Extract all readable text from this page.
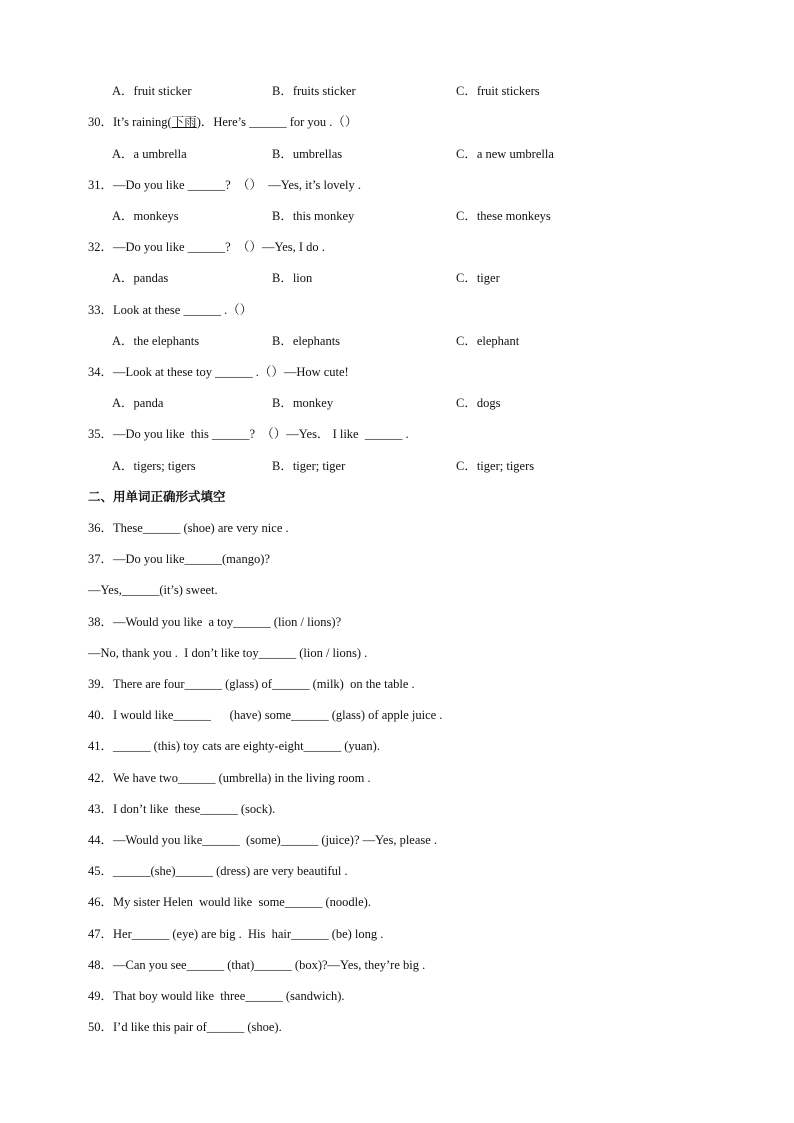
A．fruit sticker	B．fruits sticker	C．fruit stickers
30．It’s raining(下雨)．Here’s ______ for you .（）
A．a umbrella	B．umbrellas	C．a new umbrella
31．—Do you like ______?  （）  —Yes, it’s lovely .
A．monkeys	B．this monkey	C．these monkeys
32．—Do you like ______?  （）—Yes, I do .
A．pandas	B．lion	C．tiger
33．Look at these ______ .（）
A．the elephants	B．elephants	C．elephant
34．—Look at these toy ______ .（）—How cute!
A．panda	B．monkey	C．dogs
35．—Do you like  this ______?  （）—Yes． I like  ______ .
A．tigers; tigers	B．tiger; tiger	C．tiger; tigers
二、用单词正确形式填空
36．These______ (shoe) are very nice .
37．—Do you like______(mango)?
—Yes,______(it’s) sweet.
38．—Would you like  a toy______ (lion / lions)?
—No, thank you .  I don’t like toy______ (lion / lions) .
39．There are four______ (glass) of______ (milk)  on the table .
40．I would like______      (have) some______ (glass) of apple juice .
41．______ (this) toy cats are eighty-eight______ (yuan).
42．We have two______ (umbrella) in the living room .
43．I don’t like  these______ (sock).
44．—Would you like______  (some)______ (juice)? —Yes, please .
45．______(she)______ (dress) are very beautiful .
46．My sister Helen  would like  some______ (noodle).
47．Her______ (eye) are big .  His  hair______ (be) long .
48．—Can you see______ (that)______ (box)?—Yes, they’re big .
49．That boy would like  three______ (sandwich).
50．I’d like this pair of______ (shoe).
